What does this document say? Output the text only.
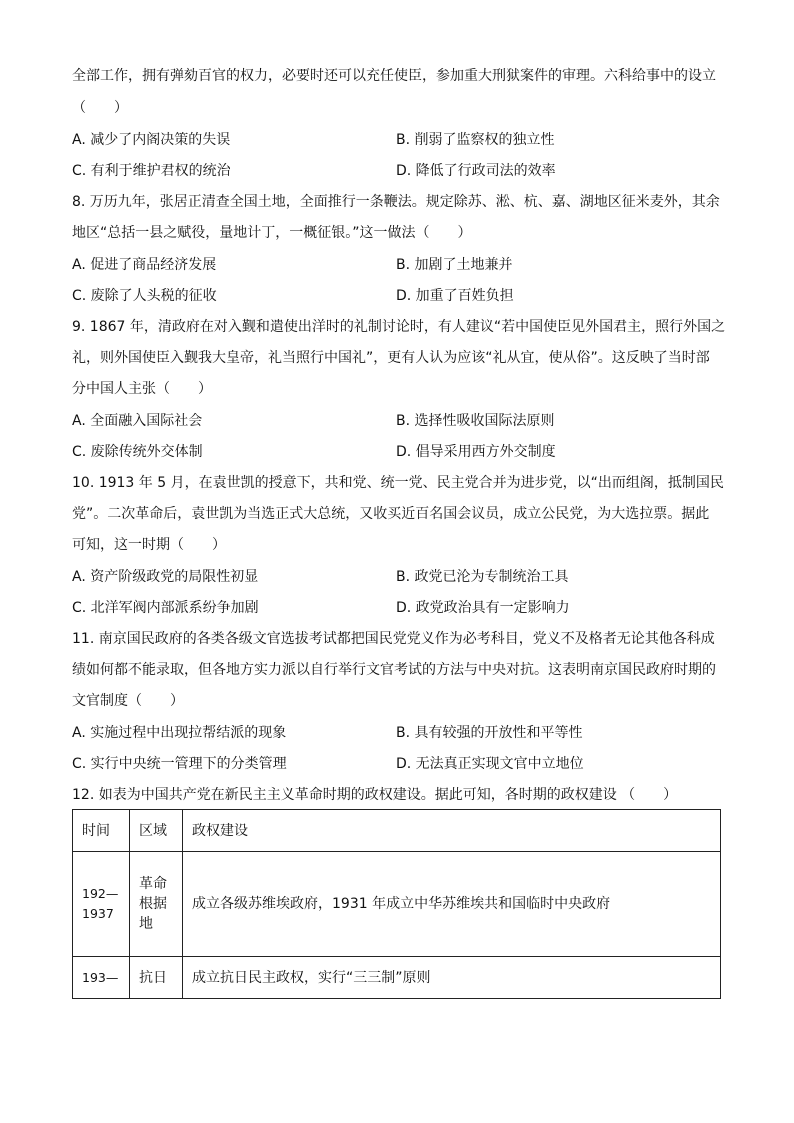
全部工作，拥有弹劾百官的权力，必要时还可以充任使臣，参加重大刑狱案件的审理。六科给事中的设立
（　　）
A. 减少了内阁决策的失误	B. 削弱了监察权的独立性
C. 有利于维护君权的统治	D. 降低了行政司法的效率
8. 万历九年，张居正清查全国土地，全面推行一条鞭法。规定除苏、淞、杭、嘉、湖地区征米麦外，其余
地区“总括一县之赋役，量地计丁，一概征银。”这一做法（　　）
A. 促进了商品经济发展	B. 加剧了土地兼并
C. 废除了人头税的征收	D. 加重了百姓负担
9. 1867 年，清政府在对入觐和遣使出洋时的礼制讨论时，有人建议“若中国使臣见外国君主，照行外国之
礼，则外国使臣入觐我大皇帝，礼当照行中国礼”，更有人认为应该“礼从宜，使从俗”。这反映了当时部
分中国人主张（　　）
A. 全面融入国际社会	B. 选择性吸收国际法原则
C. 废除传统外交体制	D. 倡导采用西方外交制度
10. 1913 年 5 月，在袁世凯的授意下，共和党、统一党、民主党合并为进步党，以“出而组阁，抵制国民
党”。二次革命后，袁世凯为当选正式大总统，又收买近百名国会议员，成立公民党，为大选拉票。据此
可知，这一时期（　　）
A. 资产阶级政党的局限性初显	B. 政党已沦为专制统治工具
C. 北洋军阀内部派系纷争加剧	D. 政党政治具有一定影响力
11. 南京国民政府的各类各级文官选拔考试都把国民党党义作为必考科目，党义不及格者无论其他各科成
绩如何都不能录取，但各地方实力派以自行举行文官考试的方法与中央对抗。这表明南京国民政府时期的
文官制度（　　）
A. 实施过程中出现拉帮结派的现象	B. 具有较强的开放性和平等性
C. 实行中央统一管理下的分类管理	D. 无法真正实现文官中立地位
12. 如表为中国共产党在新民主主义革命时期的政权建设。据此可知，各时期的政权建设 （　　）
时间	区域	政权建设

192—1937	革命根据地	成立各级苏维埃政府，1931 年成立中华苏维埃共和国临时中央政府
193—	抗日	成立抗日民主政权，实行“三三制”原则
